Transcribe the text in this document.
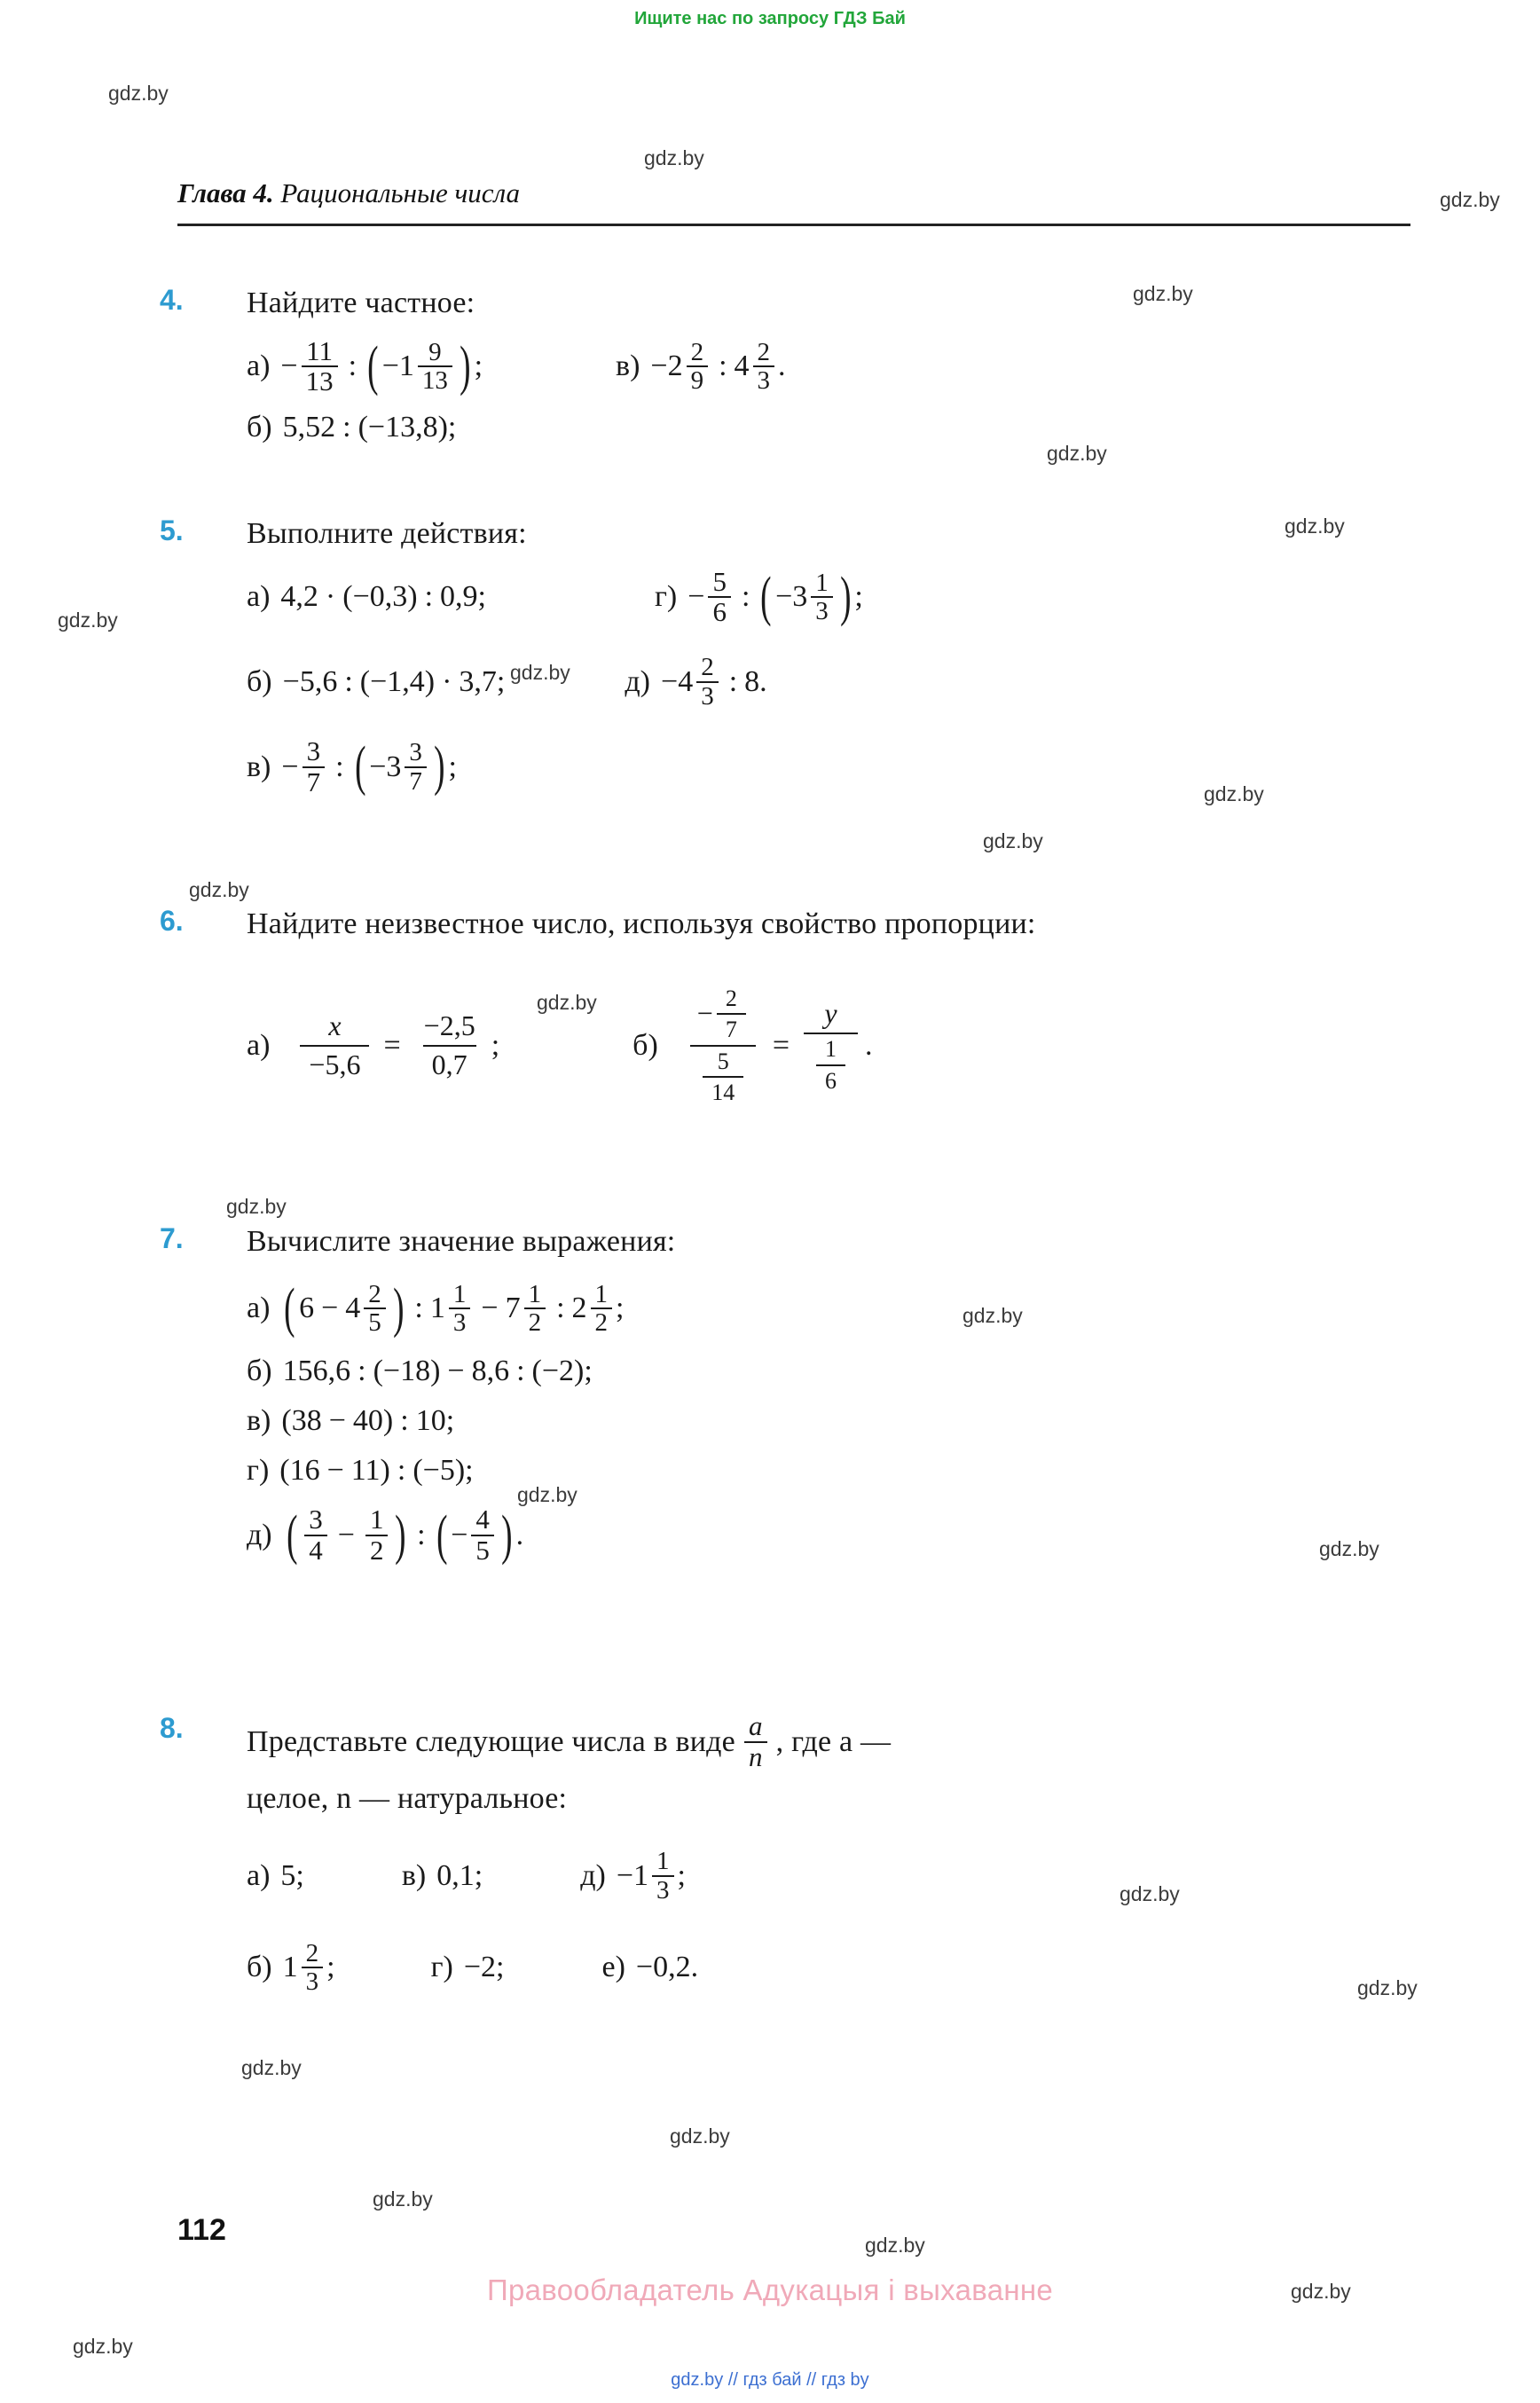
Ищите нас по запросу ГДЗ Бай
gdz.by
gdz.by
gdz.by
gdz.by
gdz.by
gdz.by
gdz.by
gdz.by
gdz.by
gdz.by
gdz.by
gdz.by
gdz.by
gdz.by
gdz.by
gdz.by
gdz.by
gdz.by
gdz.by
gdz.by
gdz.by
gdz.by
gdz.by
gdz.by
Глава 4. Рациональные числа
4.	Найдите частное:
$а) - \frac{11}{13}$ : ( − $1 \frac{9}{13}$ ) ;	$в) - 2 \frac{2}{9}$ : $4 \frac{2}{3}$ .
б) 5,52 : (− 13,8 );
5.	Выполните действия:
а) 4,2 · (− 0,3 ) : 0,9 ;	$г) - \frac{5}{6}$ : ( − $3 \frac{1}{3}$ ) ;
б) − 5,6 : (− 1,4 ) · 3,7 ;	$д) - 4 \frac{2}{3}$ : 8 .
$в) - \frac{3}{7}$ : ( − $3 \frac{3}{7}$ ) ;
6.	Найдите неизвестное число, используя свойство пропорции:
$а) \frac{x}{-5,6} = \frac{-2,5}{0,7}$ ;	$б) \frac{- \frac{2}{7}}{\frac{5}{14}} = \frac{y}{\frac{1}{6}}$ .
7.	Вычислите значение выражения:
а) ( $6 - 4 \frac{2}{5}$ ) : $1 \frac{1}{3} - 7 \frac{1}{2}$ : $2 \frac{1}{2}$ ;
б) 156,6 : (− 18 ) − 8,6 : (− 2 );
в) ( 38 − 40 ) : 10 ;
г) ( 16 − 11 ) : (− 5 );
д) ( $\frac{3}{4} - \frac{1}{2}$ ) : ( − $\frac{4}{5}$ ) .
8.	Представьте следующие числа в виде $\frac{a}{n}$ , где a —
целое, n — натуральное:
а) 5;	в) 0,1;	$д) - 1 \frac{1}{3}$ ;
б) $1 \frac{2}{3}$ ;	г) −2;	е) −0,2.
112
Правообладатель Адукацыя i выхаванне
gdz.by // гдз бай // гдз by
